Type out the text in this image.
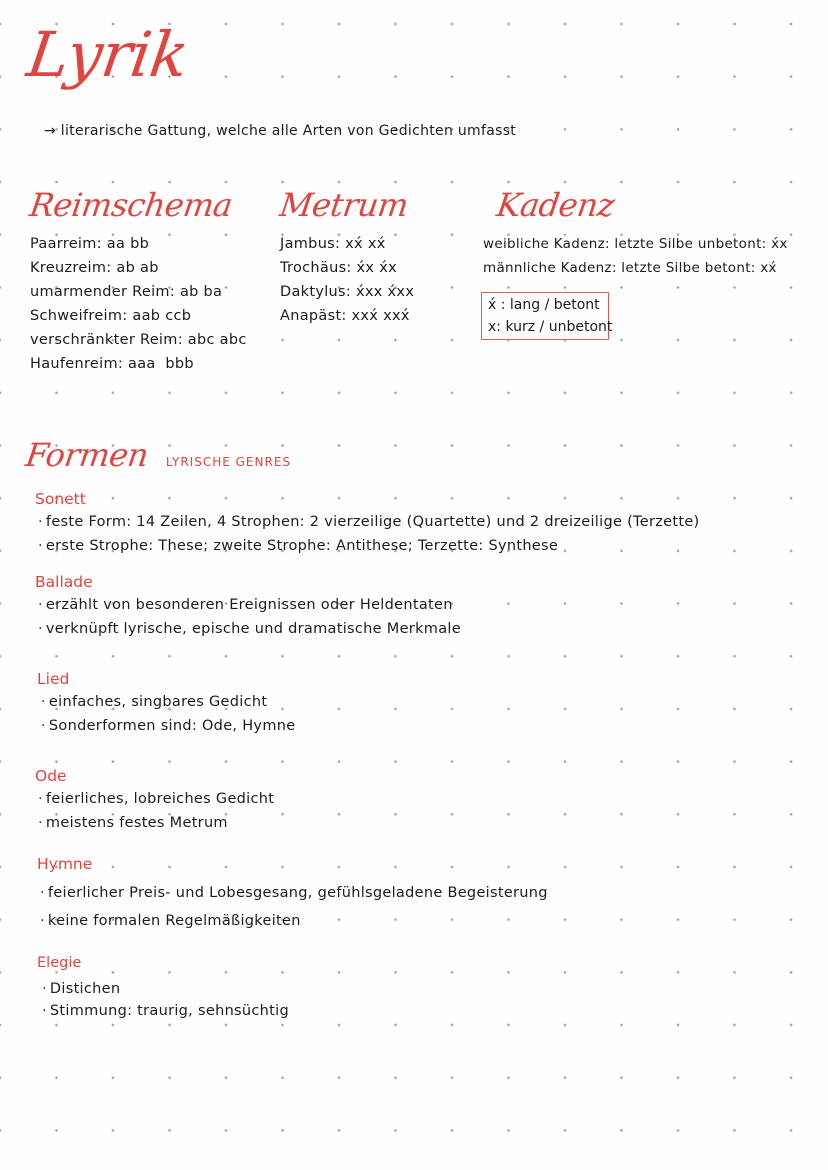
Lyrik
→ literarische Gattung, welche alle Arten von Gedichten umfasst
Reimschema
Paarreim: aa bb
Kreuzreim: ab ab
umarmender Reim: ab ba
Schweifreim: aab ccb
verschränkter Reim: abc abc
Haufenreim: aaa  bbb
Metrum
Jambus: xx́ xx́
Trochäus: x́x x́x
Daktylus: x́xx x́xx
Anapäst: xxx́ xxx́
Kadenz
weibliche Kadenz: letzte Silbe unbetont: x́x
männliche Kadenz: letzte Silbe betont: xx́
x́ : lang / betont
x: kurz / unbetont
Formen LYRISCHE GENRES
Sonett
· feste Form: 14 Zeilen, 4 Strophen: 2 vierzeilige (Quartette) und 2 dreizeilige (Terzette)
· erste Strophe: These; zweite Strophe: Antithese; Terzette: Synthese
Ballade
· erzählt von besonderen Ereignissen oder Heldentaten
· verknüpft lyrische, epische und dramatische Merkmale
Lied
· einfaches, singbares Gedicht
· Sonderformen sind: Ode, Hymne
Ode
· feierliches, lobreiches Gedicht
· meistens festes Metrum
Hymne
· feierlicher Preis- und Lobesgesang, gefühlsgeladene Begeisterung
· keine formalen Regelmäßigkeiten
Elegie
· Distichen
· Stimmung: traurig, sehnsüchtig
